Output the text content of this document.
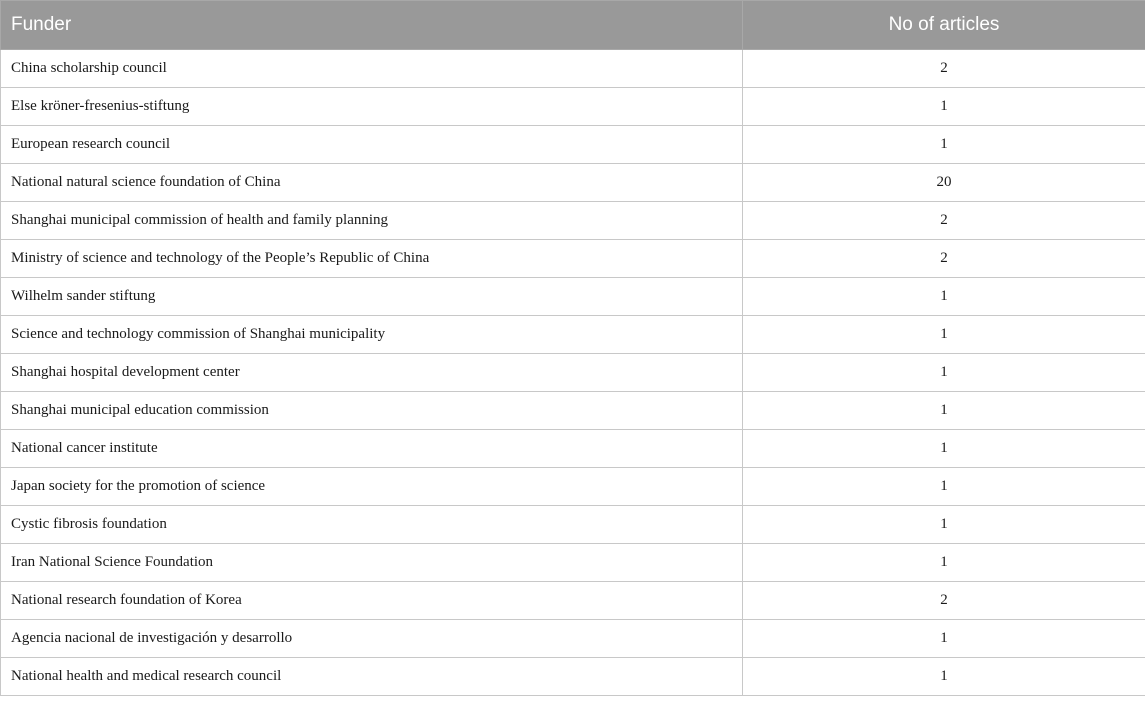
Funder	No of articles
China scholarship council	2
Else kröner-fresenius-stiftung	1
European research council	1
National natural science foundation of China	20
Shanghai municipal commission of health and family planning	2
Ministry of science and technology of the People’s Republic of China	2
Wilhelm sander stiftung	1
Science and technology commission of Shanghai municipality	1
Shanghai hospital development center	1
Shanghai municipal education commission	1
National cancer institute	1
Japan society for the promotion of science	1
Cystic fibrosis foundation	1
Iran National Science Foundation	1
National research foundation of Korea	2
Agencia nacional de investigación y desarrollo	1
National health and medical research council	1
